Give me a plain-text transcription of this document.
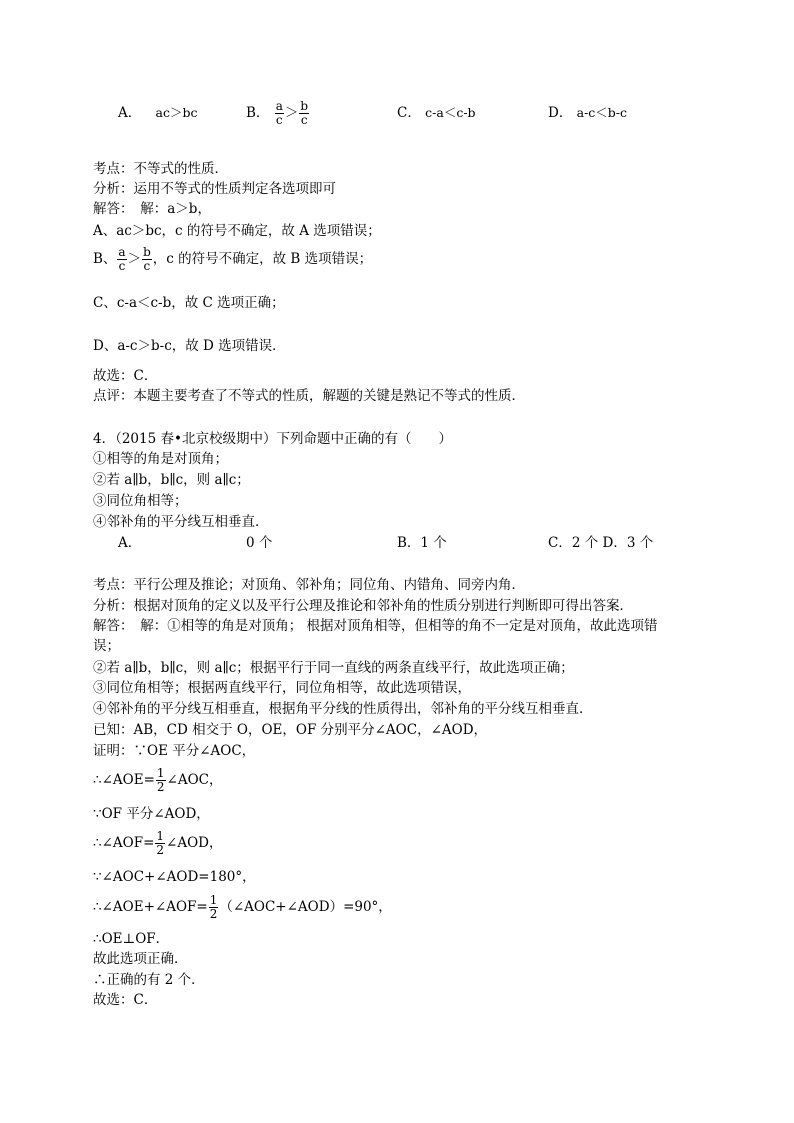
A． ac＞bc	B． $\frac{a}{c} > \frac{b}{c}$	C． c-a＜c-b	D． a-c＜b-c
考点：不等式的性质．
分析：运用不等式的性质判定各选项即可
解答：　解：a＞b，
A、ac＞bc，c 的符号不确定，故 A 选项错误；
B、 $\frac{a}{c} > \frac{b}{c}$ ，c 的符号不确定，故 B 选项错误；
C、c-a＜c-b，故 C 选项正确；
D、a-c＞b-c，故 D 选项错误．
故选：C．
点评：本题主要考查了不等式的性质，解题的关键是熟记不等式的性质．
4．（2015 春•北京校级期中）下列命题中正确的有（　　）
①相等的角是对顶角；
②若 a∥b，b∥c，则 a∥c；
③同位角相等；
④邻补角的平分线互相垂直．
A．	0 个	B．1 个	C．2 个 D．3 个
考点：平行公理及推论；对顶角、邻补角；同位角、内错角、同旁内角．
分析：根据对顶角的定义以及平行公理及推论和邻补角的性质分别进行判断即可得出答案．
解答：　解：①相等的角是对顶角； 根据对顶角相等，但相等的角不一定是对顶角，故此选项错
误；
②若 a∥b，b∥c，则 a∥c；根据平行于同一直线的两条直线平行，故此选项正确；
③同位角相等；根据两直线平行，同位角相等，故此选项错误，
④邻补角的平分线互相垂直，根据角平分线的性质得出，邻补角的平分线互相垂直．
已知：AB，CD 相交于 O，OE，OF 分别平分∠AOC，∠AOD，
证明：∵OE 平分∠AOC，
∴∠AOE= $\frac{1}{2}$ ∠AOC，
∵OF 平分∠AOD，
∴∠AOF= $\frac{1}{2}$ ∠AOD，
∵∠AOC+∠AOD=180°，
∴∠AOE+∠AOF= $\frac{1}{2}$ （∠AOC+∠AOD）=90°，
∴OE⊥OF．
故此选项正确．
∴正确的有 2 个．
故选：C．
